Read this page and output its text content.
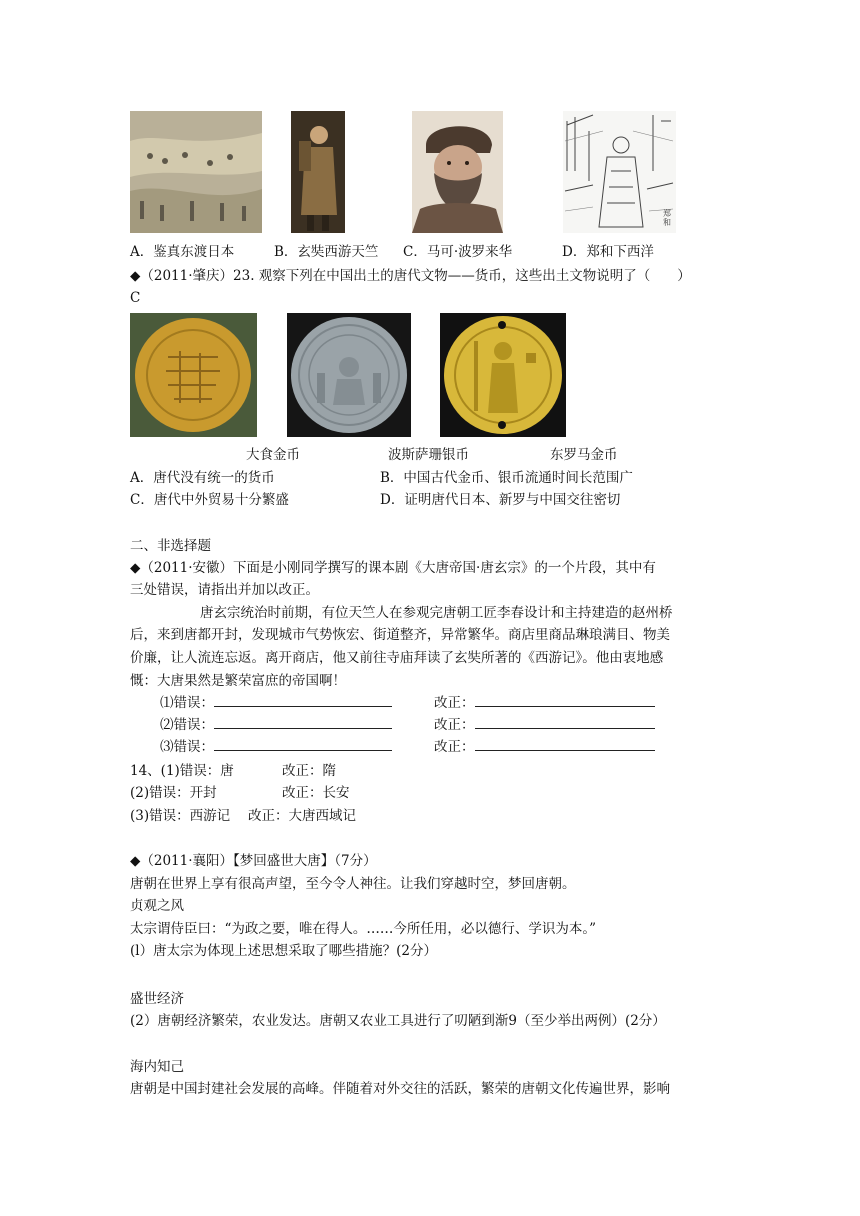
郑和
A．鉴真东渡日本	B．玄奘西游天竺 C．马可·波罗来华	D．郑和下西洋
◆（2011·肇庆）23. 观察下列在中国出土的唐代文物——货币，这些出土文物说明了（　　）
C
大食金币	波斯萨珊银币	东罗马金币
A．唐代没有统一的货币	B．中国古代金币、银币流通时间长范围广
C．唐代中外贸易十分繁盛	D．证明唐代日本、新罗与中国交往密切
二、非选择题
◆（2011·安徽）下面是小刚同学撰写的课本剧《大唐帝国·唐玄宗》的一个片段，其中有
三处错误，请指出并加以改正。
唐玄宗统治时前期，有位天竺人在参观完唐朝工匠李春设计和主持建造的赵州桥
后，来到唐都开封，发现城市气势恢宏、街道整齐，异常繁华。商店里商品琳琅满目、物美
价廉，让人流连忘返。离开商店，他又前往寺庙拜读了玄奘所著的《西游记》。他由衷地感
慨：大唐果然是繁荣富庶的帝国啊！
⑴错误：	改正：
⑵错误：	改正：
⑶错误：	改正：
14、(1)错误：唐	改正：隋
(2)错误：开封	改正：长安
(3)错误：西游记 改正：大唐西域记
◆（2011·襄阳）【梦回盛世大唐】（7分）
唐朝在世界上享有很高声望，至今令人神往。让我们穿越时空，梦回唐朝。
贞观之风
太宗谓侍臣曰：“为政之要，唯在得人。……今所任用，必以德行、学识为本。”
(l）唐太宗为体现上述思想采取了哪些措施？(2分）
盛世经济
(2）唐朝经济繁荣，农业发达。唐朝又农业工具进行了叨陋到渐9（至少举出两例）(2分）
海内知己
唐朝是中国封建社会发展的高峰。伴随着对外交往的活跃，繁荣的唐朝文化传遍世界，影响
